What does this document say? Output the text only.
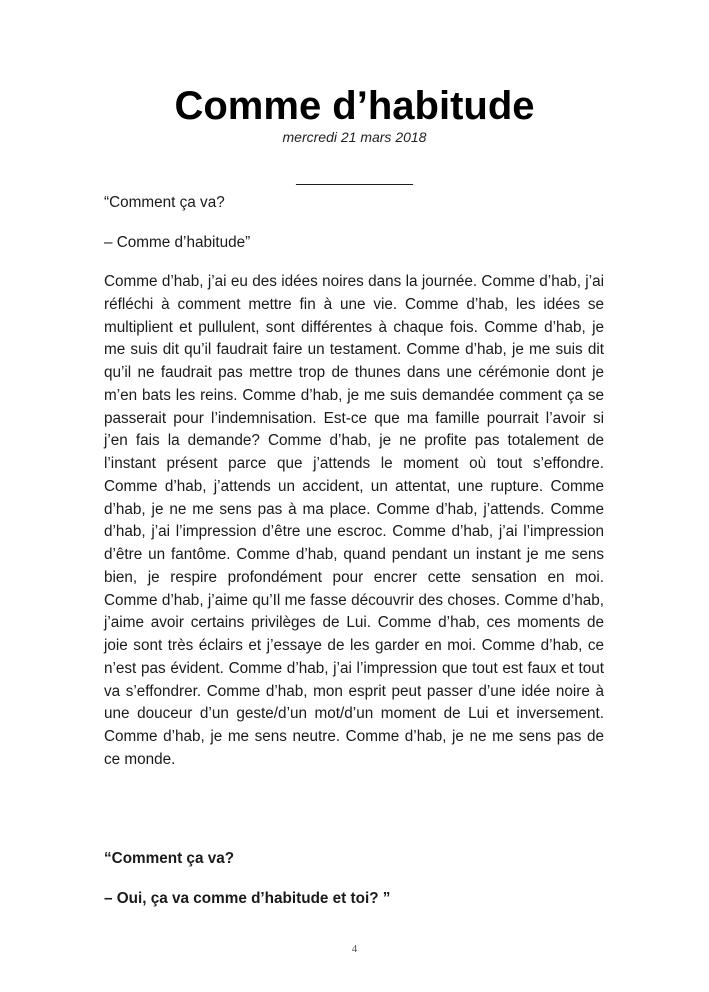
Comme d’habitude
mercredi 21 mars 2018
_______________

“Comment ça va?

– Comme d’habitude”

Comme d’hab, j’ai eu des idées noires dans la journée. Comme d’hab, j’ai réfléchi à comment mettre fin à une vie. Comme d’hab, les idées se multiplient et pullulent, sont différentes à chaque fois. Comme d’hab, je me suis dit qu’il faudrait faire un testament. Comme d’hab, je me suis dit qu’il ne faudrait pas mettre trop de thunes dans une cérémonie dont je m’en bats les reins. Comme d’hab, je me suis demandée comment ça se passerait pour l’indemnisation. Est-ce que ma famille pourrait l’avoir si j’en fais la demande? Comme d’hab, je ne profite pas totalement de l’instant présent parce que j’attends le moment où tout s’effondre. Comme d’hab, j’attends un accident, un attentat, une rupture. Comme d’hab, je ne me sens pas à ma place. Comme d’hab, j’attends. Comme d’hab, j’ai l’impression d’être une escroc. Comme d’hab, j’ai l’impression d’être un fantôme. Comme d’hab, quand pendant un instant je me sens bien, je respire profondément pour encrer cette sensation en moi. Comme d’hab, j’aime qu’Il me fasse découvrir des choses. Comme d’hab, j’aime avoir certains privilèges de Lui. Comme d’hab, ces moments de joie sont très éclairs et j’essaye de les garder en moi. Comme d’hab, ce n’est pas évident. Comme d’hab, j’ai l’impression que tout est faux et tout va s’effondrer. Comme d’hab, mon esprit peut passer d’une idée noire à une douceur d’un geste/d’un mot/d’un moment de Lui et inversement. Comme d’hab, je me sens neutre. Comme d’hab, je ne me sens pas de ce monde.

“Comment ça va?

– Oui, ça va comme d’habitude et toi? ”

4
